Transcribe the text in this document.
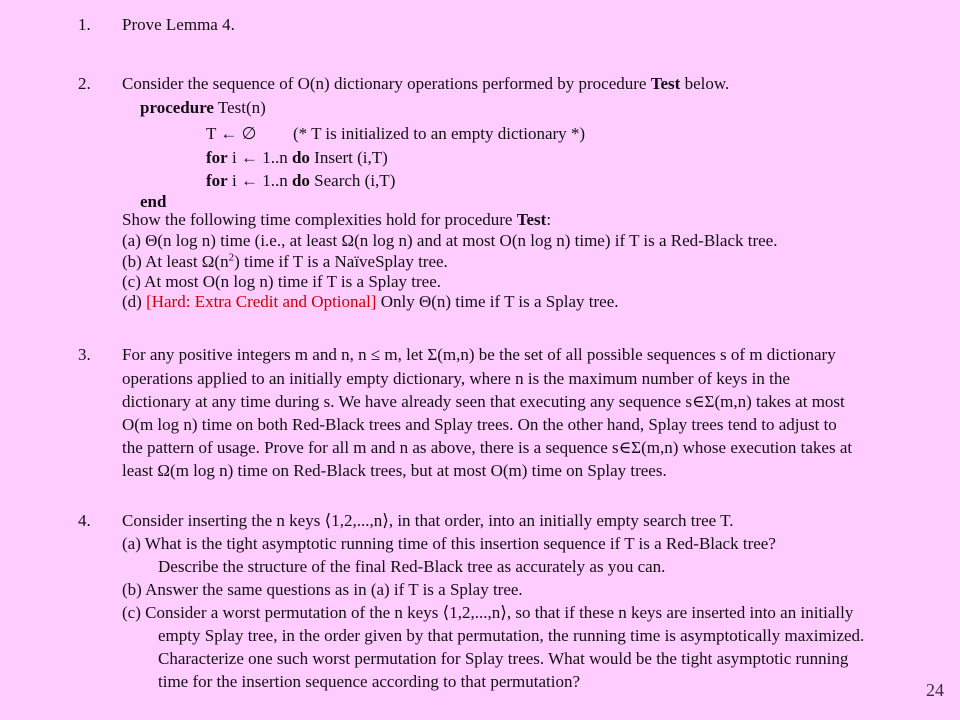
1.	Prove Lemma 4.
2.	Consider the sequence of O(n) dictionary operations performed by procedure Test below.
procedure Test(n)
T ← ∅ (* T is initialized to an empty dictionary *)
for i ← 1..n do Insert (i,T)
for i ← 1..n do Search (i,T)
end
Show the following time complexities hold for procedure Test:
(a) Θ(n log n) time (i.e., at least Ω(n log n) and at most O(n log n) time) if T is a Red-Black tree.
(b) At least $\Omega(n^2)$ time if T is a NaïveSplay tree.
(c) At most O(n log n) time if T is a Splay tree.
(d) [Hard: Extra Credit and Optional] Only Θ(n) time if T is a Splay tree.
3.	For any positive integers m and n, n ≤ m, let Σ(m,n) be the set of all possible sequences s of m dictionary
operations applied to an initially empty dictionary, where n is the maximum number of keys in the
dictionary at any time during s. We have already seen that executing any sequence s∈Σ(m,n) takes at most
O(m log n) time on both Red-Black trees and Splay trees. On the other hand, Splay trees tend to adjust to
the pattern of usage. Prove for all m and n as above, there is a sequence s∈Σ(m,n) whose execution takes at
least Ω(m log n) time on Red-Black trees, but at most O(m) time on Splay trees.
4.	Consider inserting the n keys ⟨1,2,...,n⟩, in that order, into an initially empty search tree T.
(a) What is the tight asymptotic running time of this insertion sequence if T is a Red-Black tree?
Describe the structure of the final Red-Black tree as accurately as you can.
(b) Answer the same questions as in (a) if T is a Splay tree.
(c) Consider a worst permutation of the n keys ⟨1,2,...,n⟩, so that if these n keys are inserted into an initially
empty Splay tree, in the order given by that permutation, the running time is asymptotically maximized.
Characterize one such worst permutation for Splay trees. What would be the tight asymptotic running
time for the insertion sequence according to that permutation?	24
